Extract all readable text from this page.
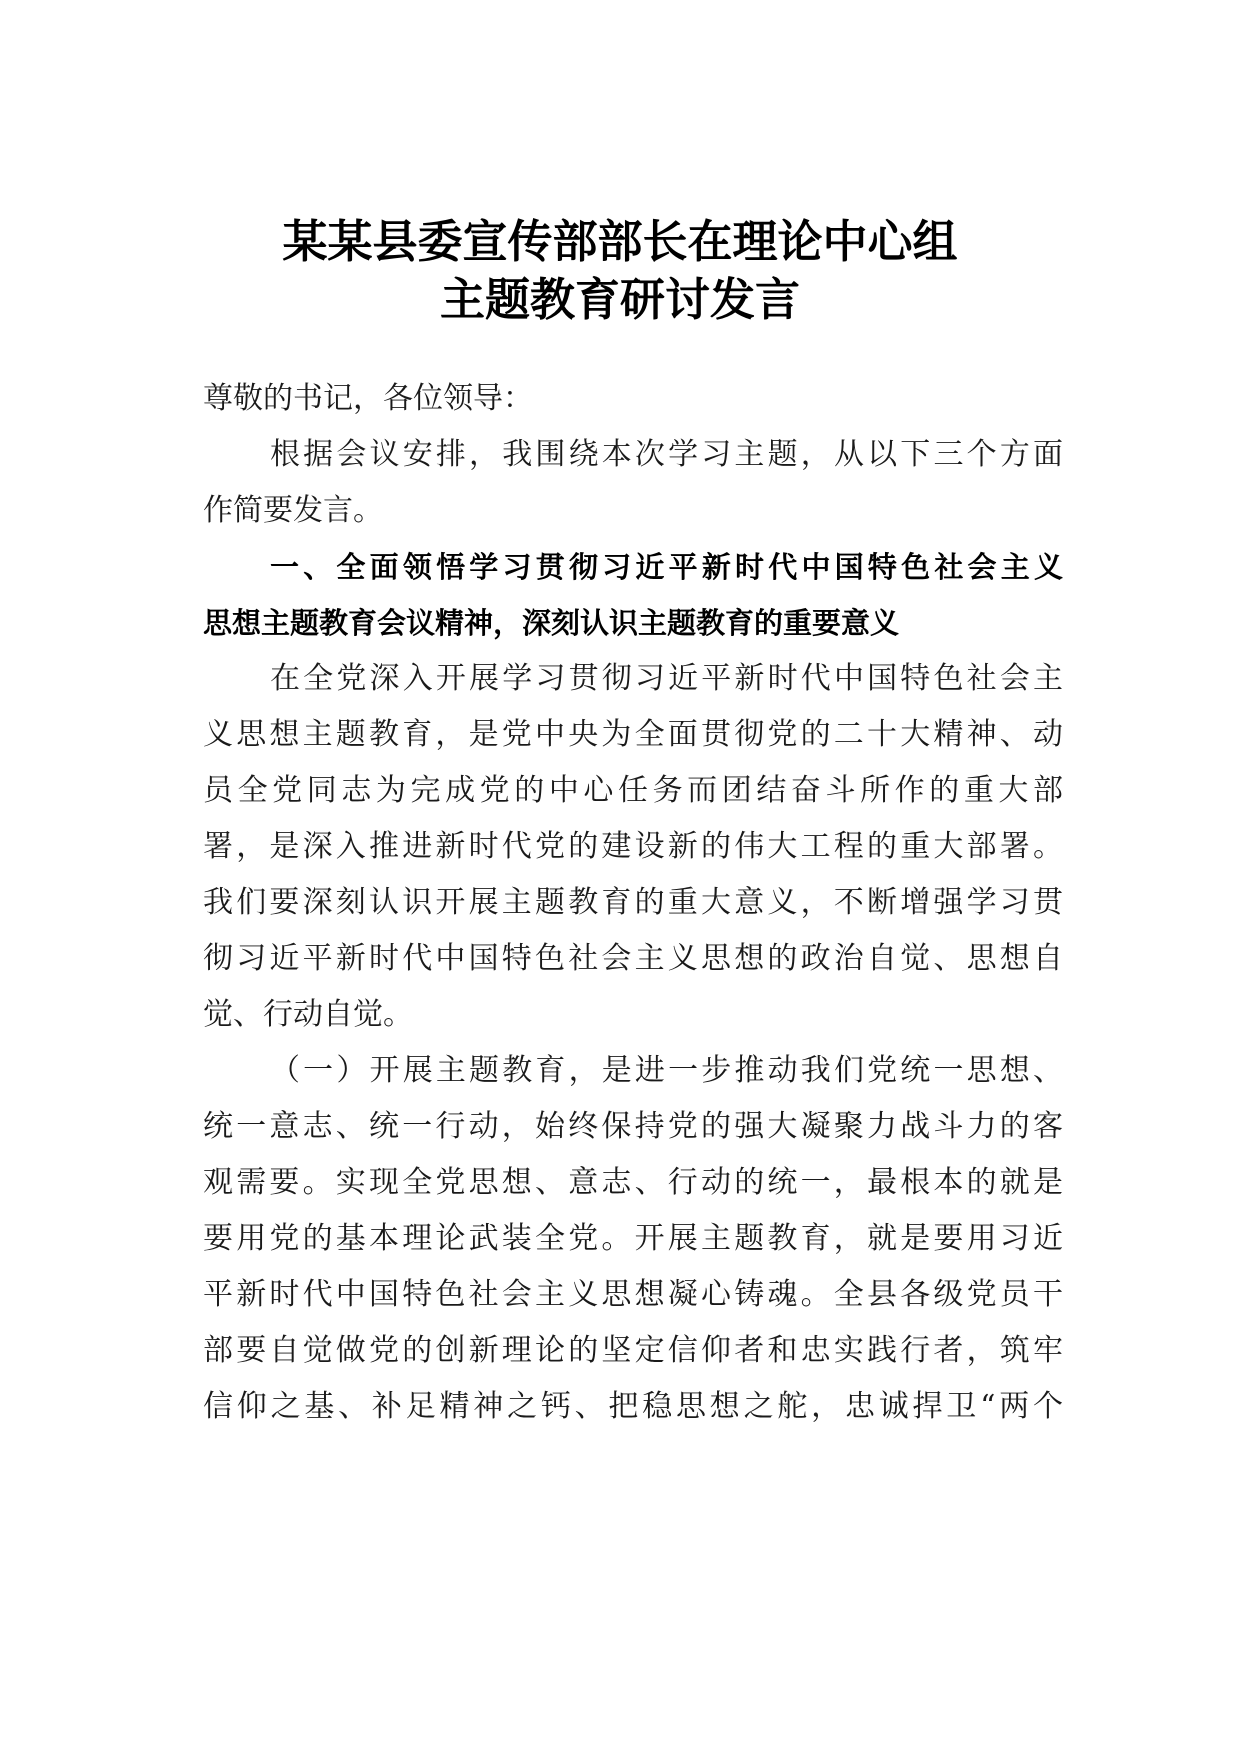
某某县委宣传部部长在理论中心组
主题教育研讨发言
尊敬的书记，各位领导：
根据会议安排，我围绕本次学习主题，从以下三个方面
作简要发言。
一、全面领悟学习贯彻习近平新时代中国特色社会主义
思想主题教育会议精神，深刻认识主题教育的重要意义
在全党深入开展学习贯彻习近平新时代中国特色社会主
义思想主题教育，是党中央为全面贯彻党的二十大精神、动
员全党同志为完成党的中心任务而团结奋斗所作的重大部
署，是深入推进新时代党的建设新的伟大工程的重大部署。
我们要深刻认识开展主题教育的重大意义，不断增强学习贯
彻习近平新时代中国特色社会主义思想的政治自觉、思想自
觉、行动自觉。
（一）开展主题教育，是进一步推动我们党统一思想、
统一意志、统一行动，始终保持党的强大凝聚力战斗力的客
观需要。实现全党思想、意志、行动的统一，最根本的就是
要用党的基本理论武装全党。开展主题教育，就是要用习近
平新时代中国特色社会主义思想凝心铸魂。全县各级党员干
部要自觉做党的创新理论的坚定信仰者和忠实践行者，筑牢
信仰之基、补足精神之钙、把稳思想之舵，忠诚捍卫“两个
